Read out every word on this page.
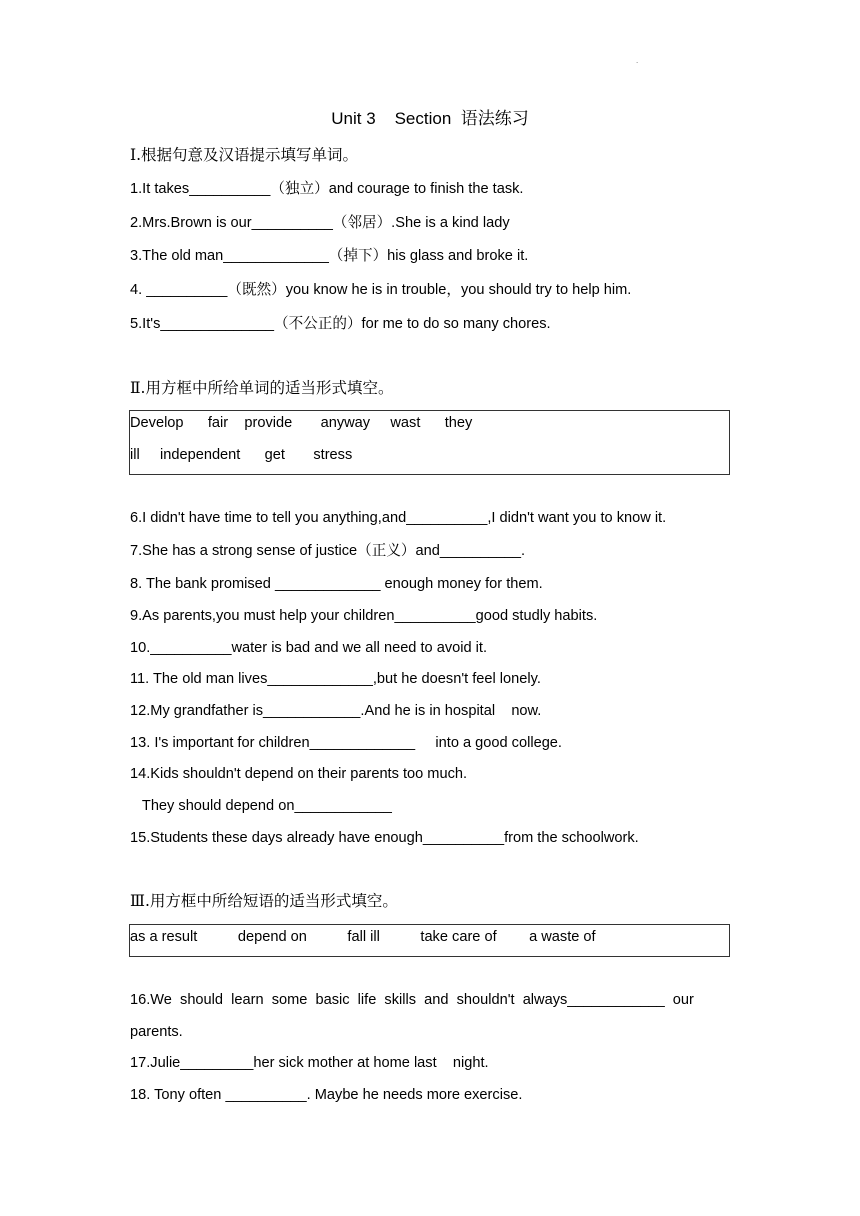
.
Unit 3    Section  语法练习
Ⅰ.根据句意及汉语提示填写单词。
1.It takes__________（独立）and courage to finish the task.
2.Mrs.Brown is our__________（邻居）.She is a kind lady
3.The old man_____________（掉下）his glass and broke it.
4. __________（既然）you know he is in trouble，you should try to help him.
5.It's______________（不公正的）for me to do so many chores.
Ⅱ.用方框中所给单词的适当形式填空。
Develop      fair    provide       anyway     wast      they
ill     independent      get       stress
6.I didn't have time to tell you anything,and__________,I didn't want you to know it.
7.She has a strong sense of justice（正义）and__________.
8. The bank promised _____________ enough money for them.
9.As parents,you must help your children__________good studly habits.
10.__________water is bad and we all need to avoid it.
11. The old man lives_____________,but he doesn't feel lonely.
12.My grandfather is____________.And he is in hospital    now.
13. I's important for children_____________     into a good college.
14.Kids shouldn't depend on their parents too much.
They should depend on____________
15.Students these days already have enough__________from the schoolwork.
Ⅲ.用方框中所给短语的适当形式填空。
as a result          depend on          fall ill          take care of        a waste of
16.We  should  learn  some  basic  life  skills  and  shouldn't  always____________  our
parents.
17.Julie_________her sick mother at home last    night.
18. Tony often __________. Maybe he needs more exercise.
